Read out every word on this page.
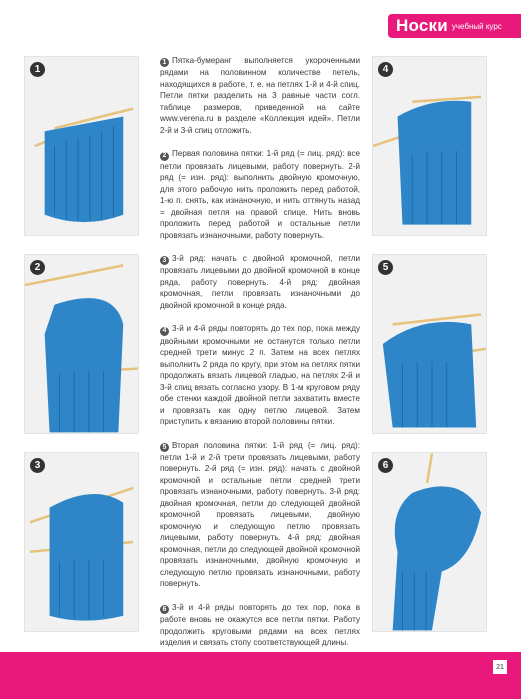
Носки учебный курс
1
2
3
4
5
6

1 Пятка-бумеранг выполняется укороченными рядами на половинном количестве петель, находящихся в работе, т. е. на петлях 1-й и 4-й спиц. Петли пятки разделить на 3 равные части согл. таблице размеров, приведенной на сайте www.verena.ru в разделе «Коллекция идей». Петли 2-й и 3-й спиц отложить.

2 Первая половина пятки: 1-й ряд (= лиц. ряд): все петли провязать лицевыми, работу повернуть. 2-й ряд (= изн. ряд): выполнить двойную кромочную, для этого рабочую нить проложить перед работой, 1-ю п. снять, как изнаночную, и нить оттянуть назад = двойная петля на правой спице. Нить вновь проложить перед работой и остальные петли провязать изнаночными, работу повернуть.

3 3-й ряд: начать с двойной кромочной, петли провязать лицевыми до двойной кромочной в конце ряда, работу повернуть. 4-й ряд: двойная кромочная, петли провязать изнаночными до двойной кромочной в конце ряда.

4 3-й и 4-й ряды повторять до тех пор, пока между двойными кромочными не останутся только петли средней трети минус 2 п. Затем на всех петлях выполнить 2 ряда по кругу, при этом на петлях пятки продолжать вязать лицевой гладью, на петлях 2-й и 3-й спиц вязать согласно узору. В 1-м круговом ряду обе стенки каждой двойной петли захватить вместе и провязать как одну петлю лицевой. Затем приступить к вязанию второй половины пятки.

5 Вторая половина пятки: 1-й ряд (= лиц. ряд): петли 1-й и 2-й трети провязать лицевыми, работу повернуть. 2-й ряд (= изн. ряд): начать с двойной кромочной и остальные петли средней трети провязать изнаночными, работу повернуть. 3-й ряд: двойная кромочная, петли до следующей двойной кромочной провязать лицевыми, двойную кромочную и следующую петлю провязать лицевыми, работу повернуть. 4-й ряд: двойная кромочная, петли до следующей двойной кромочной провязать изнаночными, двойную кромочную и следующую петлю провязать изнаночными, работу повернуть.

6 3-й и 4-й ряды повторять до тех пор, пока в работе вновь не окажутся все петли пятки. Работу продолжить круговыми рядами на всех петлях изделия и связать стопу соответствующей длины.

21
